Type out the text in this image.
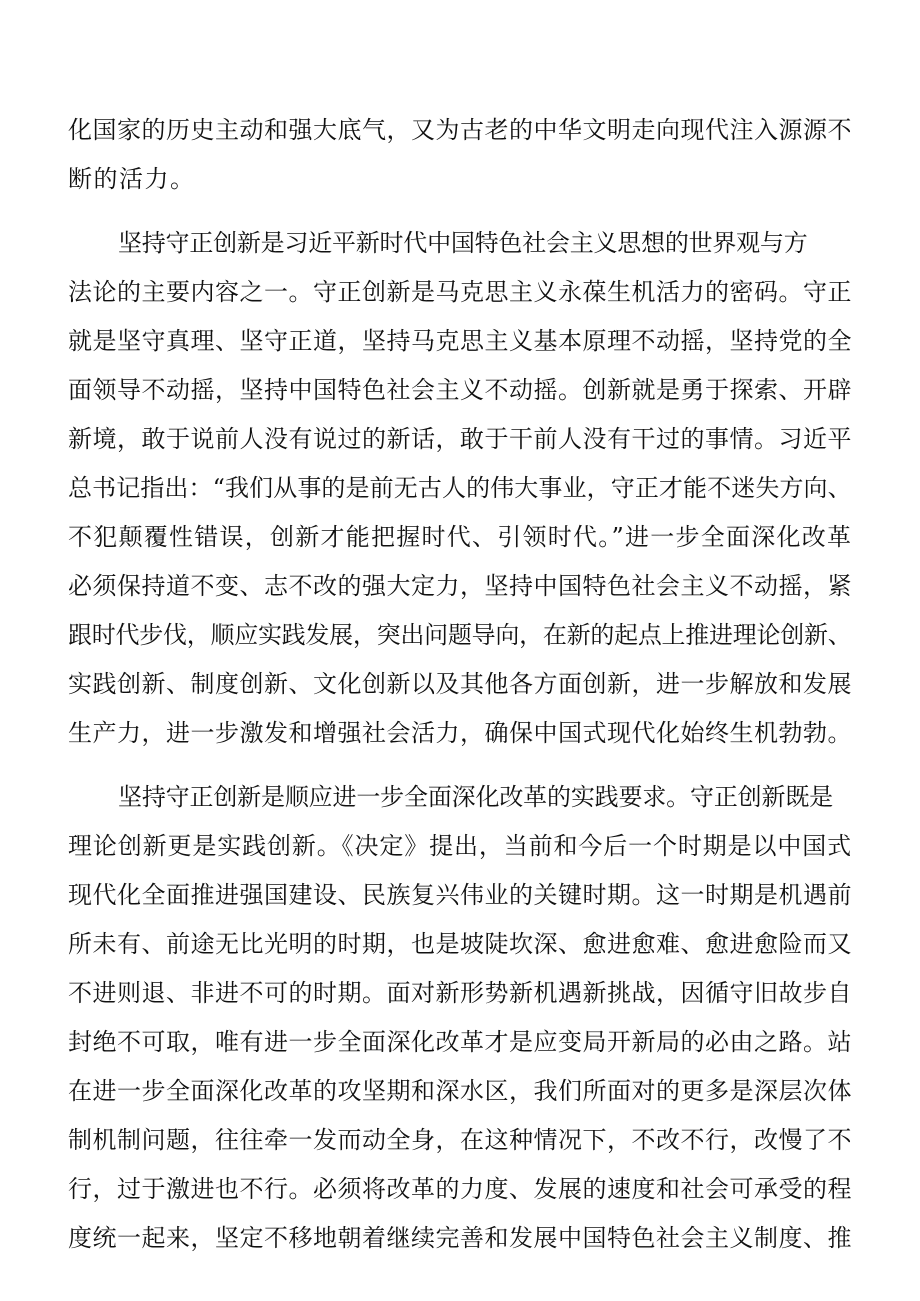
化国家的历史主动和强大底气，又为古老的中华文明走向现代注入源源不
断的活力。
坚持守正创新是习近平新时代中国特色社会主义思想的世界观与方
法论的主要内容之一。守正创新是马克思主义永葆生机活力的密码。守正
就是坚守真理、坚守正道，坚持马克思主义基本原理不动摇，坚持党的全
面领导不动摇，坚持中国特色社会主义不动摇。创新就是勇于探索、开辟
新境，敢于说前人没有说过的新话，敢于干前人没有干过的事情。习近平
总书记指出：“我们从事的是前无古人的伟大事业，守正才能不迷失方向、
不犯颠覆性错误，创新才能把握时代、引领时代。”进一步全面深化改革
必须保持道不变、志不改的强大定力，坚持中国特色社会主义不动摇，紧
跟时代步伐，顺应实践发展，突出问题导向，在新的起点上推进理论创新、
实践创新、制度创新、文化创新以及其他各方面创新，进一步解放和发展
生产力，进一步激发和增强社会活力，确保中国式现代化始终生机勃勃。
坚持守正创新是顺应进一步全面深化改革的实践要求。守正创新既是
理论创新更是实践创新。《决定》提出，当前和今后一个时期是以中国式
现代化全面推进强国建设、民族复兴伟业的关键时期。这一时期是机遇前
所未有、前途无比光明的时期，也是坡陡坎深、愈进愈难、愈进愈险而又
不进则退、非进不可的时期。面对新形势新机遇新挑战，因循守旧故步自
封绝不可取，唯有进一步全面深化改革才是应变局开新局的必由之路。站
在进一步全面深化改革的攻坚期和深水区，我们所面对的更多是深层次体
制机制问题，往往牵一发而动全身，在这种情况下，不改不行，改慢了不
行，过于激进也不行。必须将改革的力度、发展的速度和社会可承受的程
度统一起来，坚定不移地朝着继续完善和发展中国特色社会主义制度、推
